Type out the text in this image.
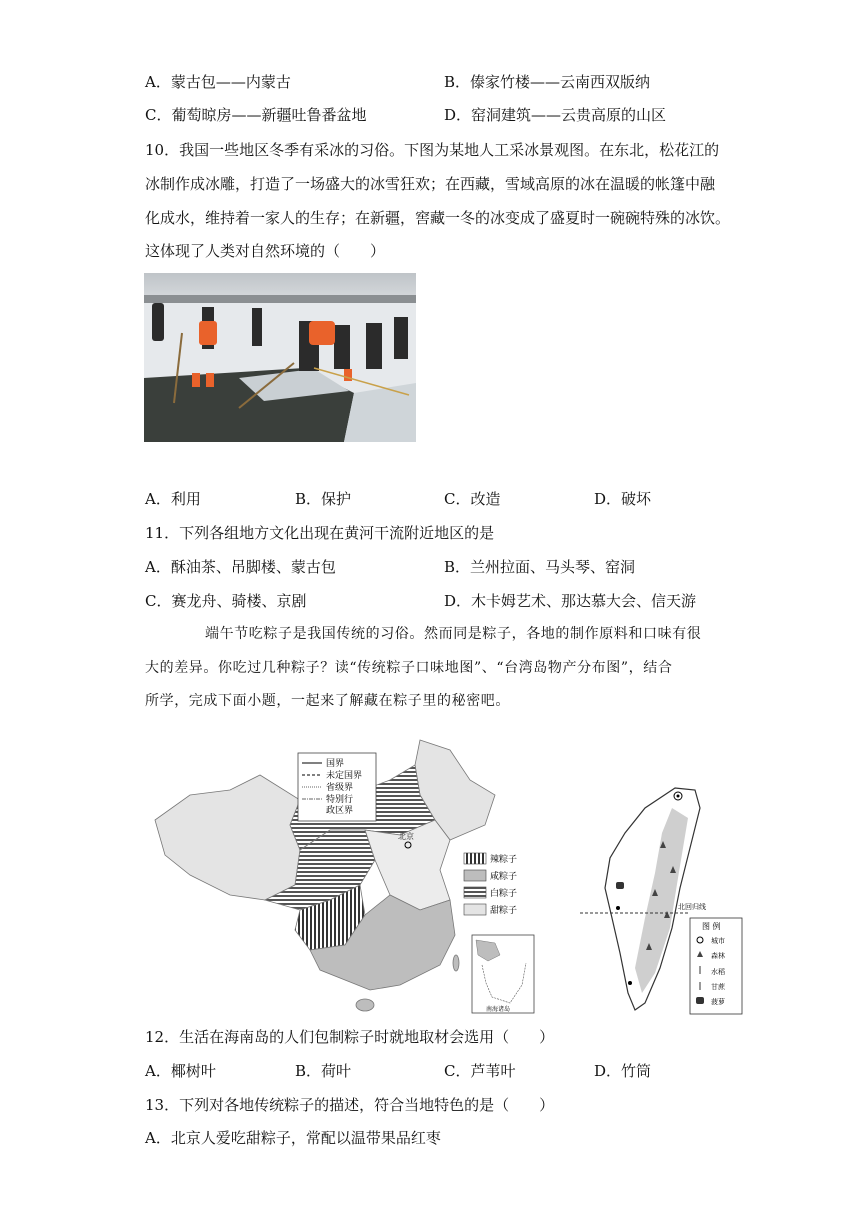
A．蒙古包——内蒙古	B．傣家竹楼——云南西双版纳
C．葡萄晾房——新疆吐鲁番盆地	D．窑洞建筑——云贵高原的山区
10．我国一些地区冬季有采冰的习俗。下图为某地人工采冰景观图。在东北，松花江的
冰制作成冰雕，打造了一场盛大的冰雪狂欢；在西藏，雪域高原的冰在温暖的帐篷中融
化成水，维持着一家人的生存；在新疆，窖藏一冬的冰变成了盛夏时一碗碗特殊的冰饮。
这体现了人类对自然环境的（　　）
A．利用	B．保护	C．改造	D．破坏
11．下列各组地方文化出现在黄河干流附近地区的是
A．酥油茶、吊脚楼、蒙古包	B．兰州拉面、马头琴、窑洞
C．赛龙舟、骑楼、京剧	D．木卡姆艺术、那达慕大会、信天游
端午节吃粽子是我国传统的习俗。然而同是粽子，各地的制作原料和口味有很
大的差异。你吃过几种粽子？读“传统粽子口味地图”、“台湾岛物产分布图”，结合
所学，完成下面小题，一起来了解藏在粽子里的秘密吧。
北京
国界
未定国界
省级界
特别行
政区界
辣粽子
咸粽子
白粽子
甜粽子
南海诸岛
北回归线
图 例
城市
森林
水稻
甘蔗
菠萝
12．生活在海南岛的人们包制粽子时就地取材会选用（　　）
A．椰树叶	B．荷叶	C．芦苇叶	D．竹筒
13．下列对各地传统粽子的描述，符合当地特色的是（　　）
A．北京人爱吃甜粽子，常配以温带果品红枣
